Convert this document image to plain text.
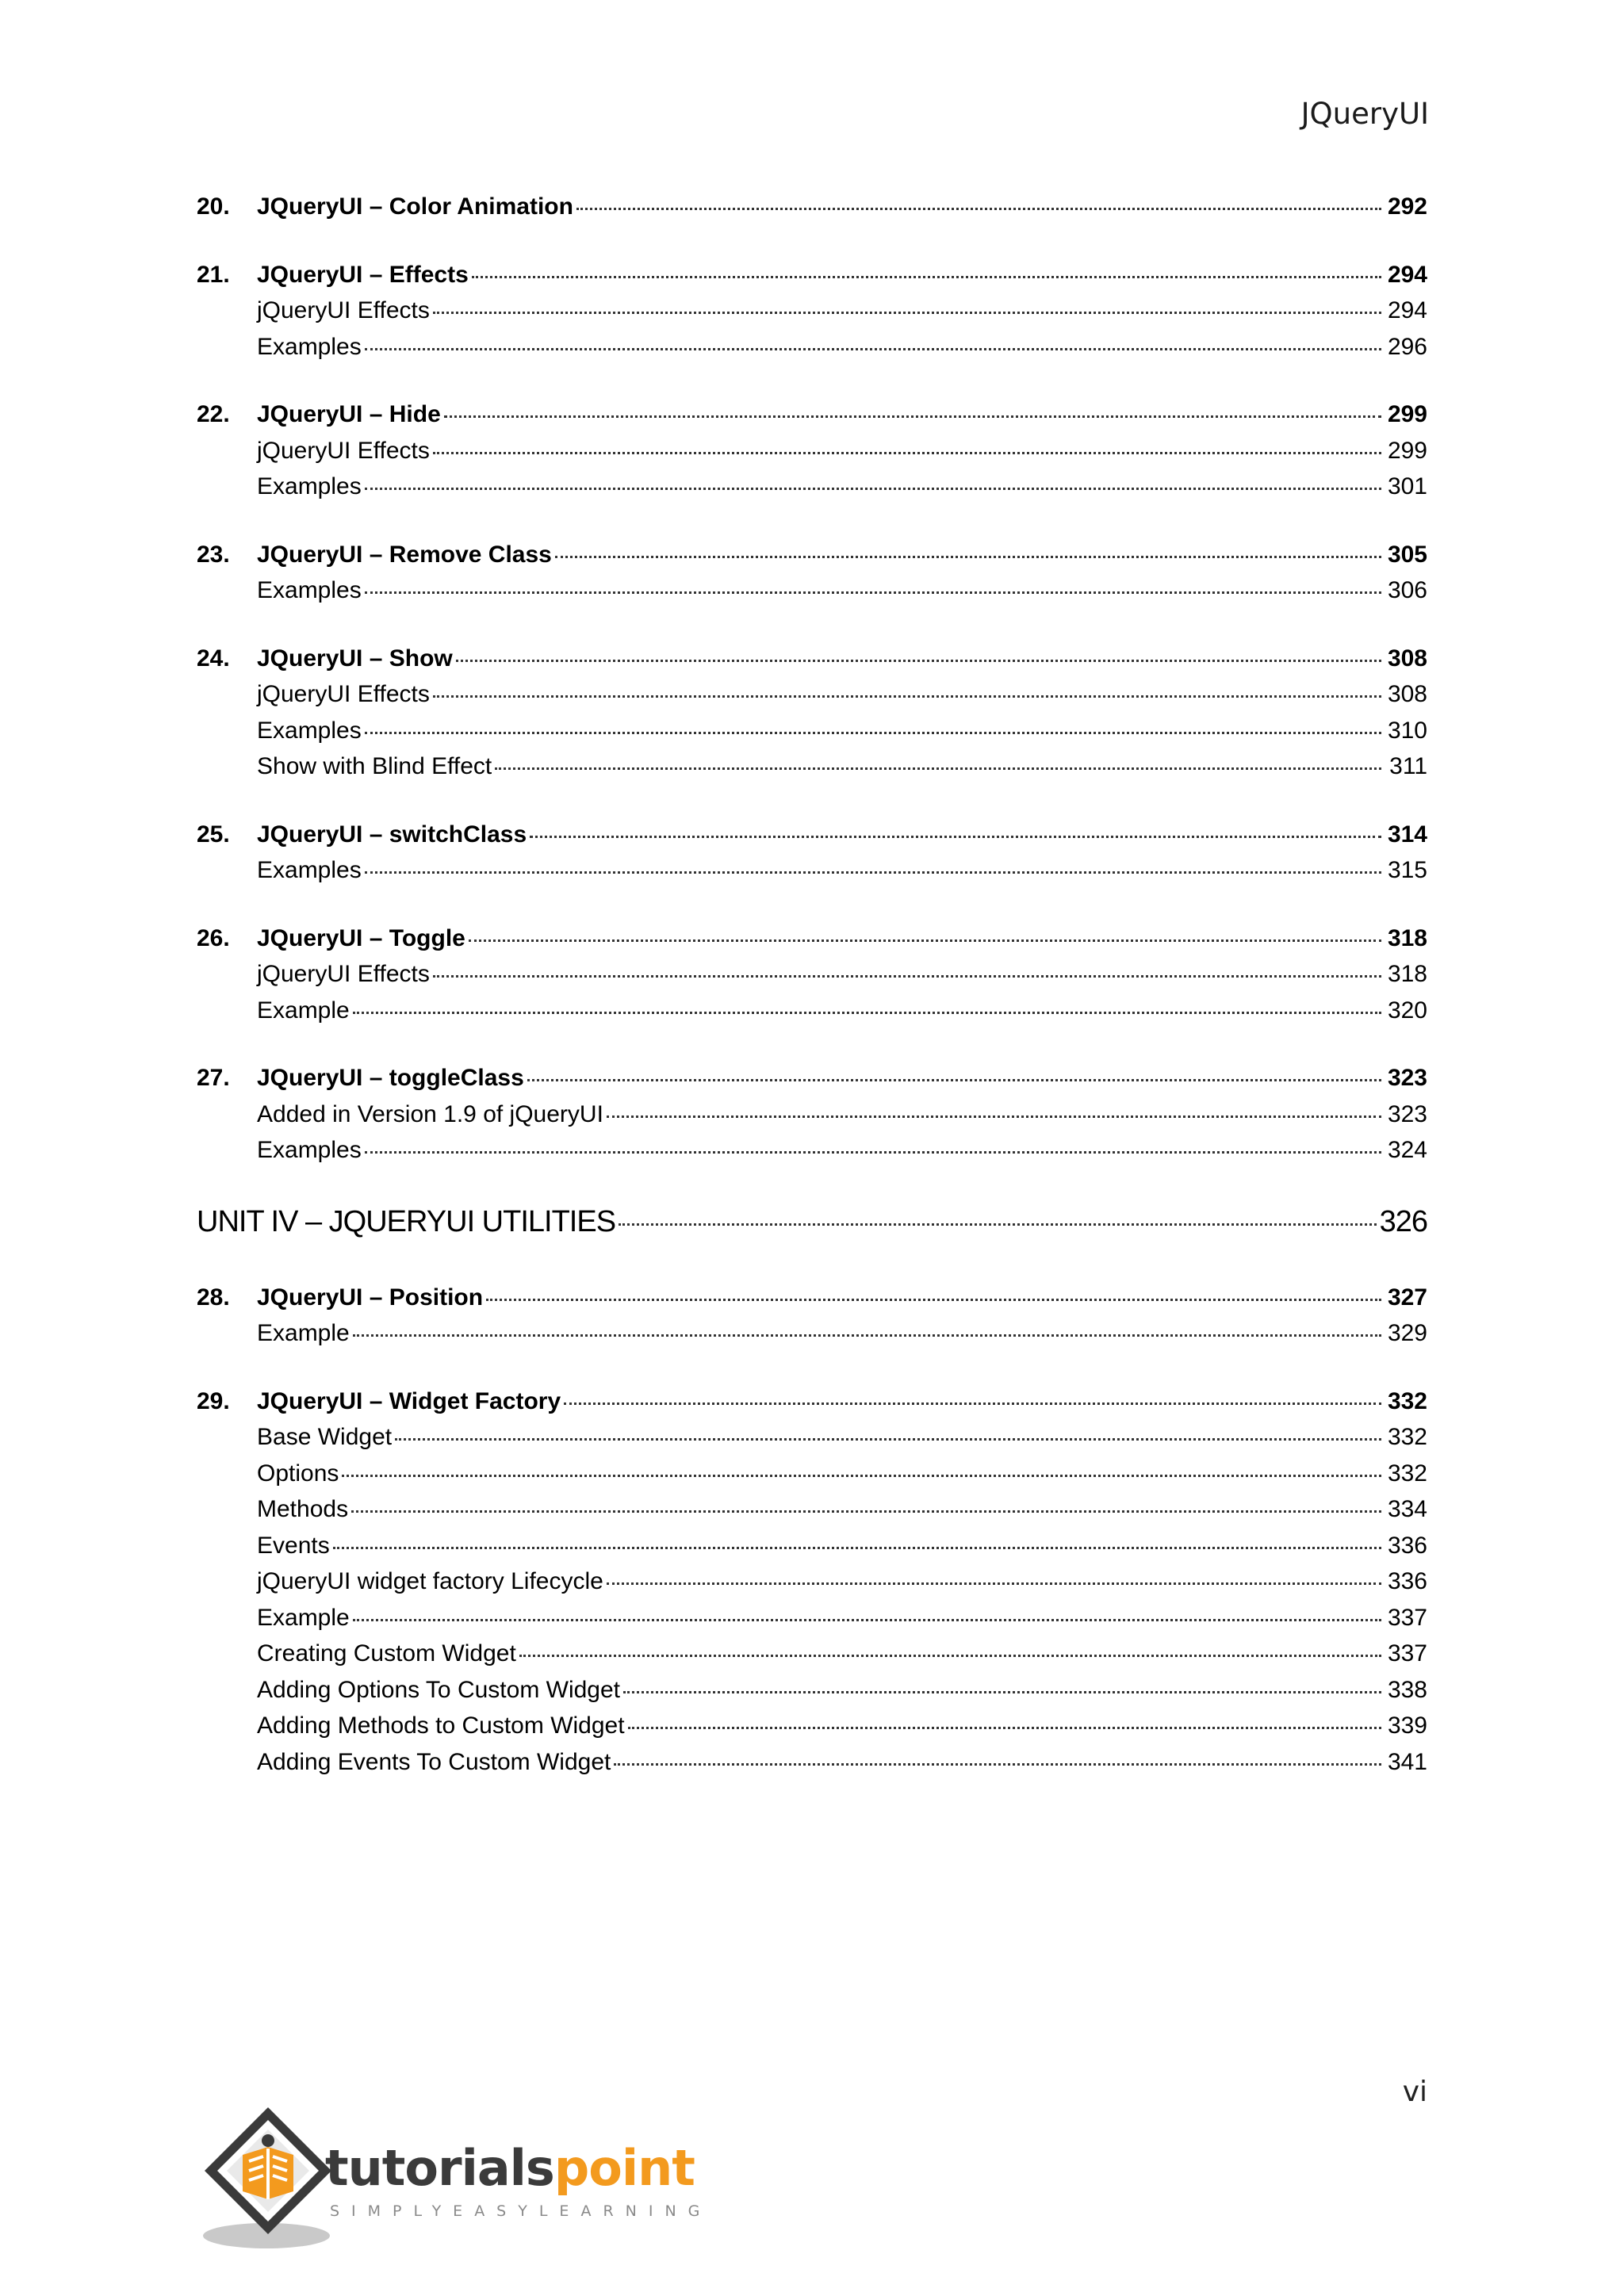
JQueryUI
20.	JQueryUI – Color Animation	292
21.	JQueryUI – Effects	294
jQueryUI Effects	294
Examples	296
22.	JQueryUI – Hide	299
jQueryUI Effects	299
Examples	301
23.	JQueryUI – Remove Class	305
Examples	306
24.	JQueryUI – Show	308
jQueryUI Effects	308
Examples	310
Show with Blind Effect	311
25.	JQueryUI – switchClass	314
Examples	315
26.	JQueryUI – Toggle	318
jQueryUI Effects	318
Example	320
27.	JQueryUI – toggleClass	323
Added in Version 1.9 of jQueryUI	323
Examples	324
UNIT IV – JQUERYUI UTILITIES	326
28.	JQueryUI – Position	327
Example	329
29.	JQueryUI – Widget Factory	332
Base Widget	332
Options	332
Methods	334
Events	336
jQueryUI widget factory Lifecycle	336
Example	337
Creating Custom Widget	337
Adding Options To Custom Widget	338
Adding Methods to Custom Widget	339
Adding Events To Custom Widget	341
vi
tutorialspoint
SIMPLYEASYLEARNING
